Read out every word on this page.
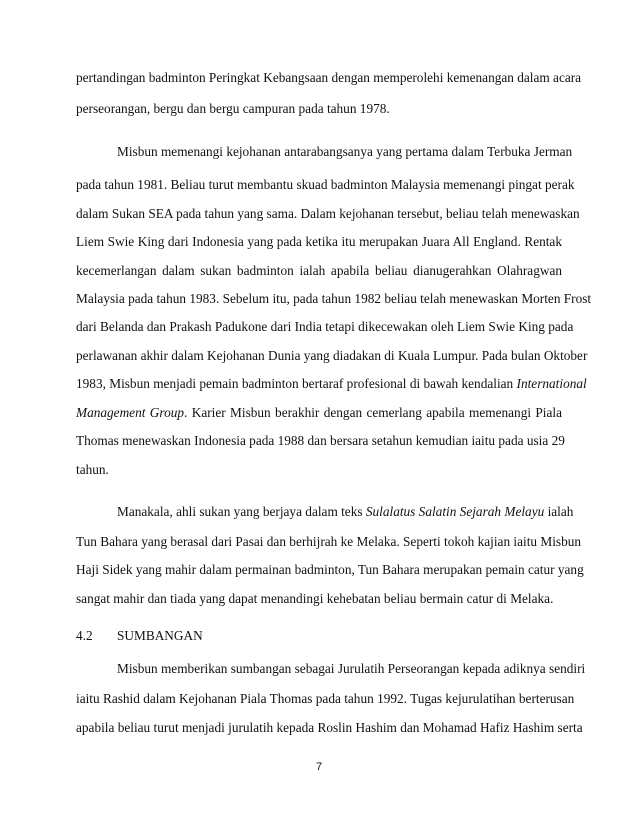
pertandingan badminton Peringkat Kebangsaan dengan memperolehi kemenangan dalam acara
perseorangan, bergu dan bergu campuran pada tahun 1978.
Misbun memenangi kejohanan antarabangsanya yang pertama dalam Terbuka Jerman
pada tahun 1981. Beliau turut membantu skuad badminton Malaysia memenangi pingat perak
dalam Sukan SEA pada tahun yang sama. Dalam kejohanan tersebut, beliau telah menewaskan
Liem Swie King dari Indonesia yang pada ketika itu merupakan Juara All England. Rentak
kecemerlangan dalam sukan badminton ialah apabila beliau dianugerahkan Olahragwan
Malaysia pada tahun 1983. Sebelum itu, pada tahun 1982 beliau telah menewaskan Morten Frost
dari Belanda dan Prakash Padukone dari India tetapi dikecewakan oleh Liem Swie King pada
perlawanan akhir dalam Kejohanan Dunia yang diadakan di Kuala Lumpur. Pada bulan Oktober
1983, Misbun menjadi pemain badminton bertaraf profesional di bawah kendalian International
Management Group. Karier Misbun berakhir dengan cemerlang apabila memenangi Piala
Thomas menewaskan Indonesia pada 1988 dan bersara setahun kemudian iaitu pada usia 29
tahun.
Manakala, ahli sukan yang berjaya dalam teks Sulalatus Salatin Sejarah Melayu ialah
Tun Bahara yang berasal dari Pasai dan berhijrah ke Melaka. Seperti tokoh kajian iaitu Misbun
Haji Sidek yang mahir dalam permainan badminton, Tun Bahara merupakan pemain catur yang
sangat mahir dan tiada yang dapat menandingi kehebatan beliau bermain catur di Melaka.
4.2 SUMBANGAN
Misbun memberikan sumbangan sebagai Jurulatih Perseorangan kepada adiknya sendiri
iaitu Rashid dalam Kejohanan Piala Thomas pada tahun 1992. Tugas kejurulatihan berterusan
apabila beliau turut menjadi jurulatih kepada Roslin Hashim dan Mohamad Hafiz Hashim serta
7
